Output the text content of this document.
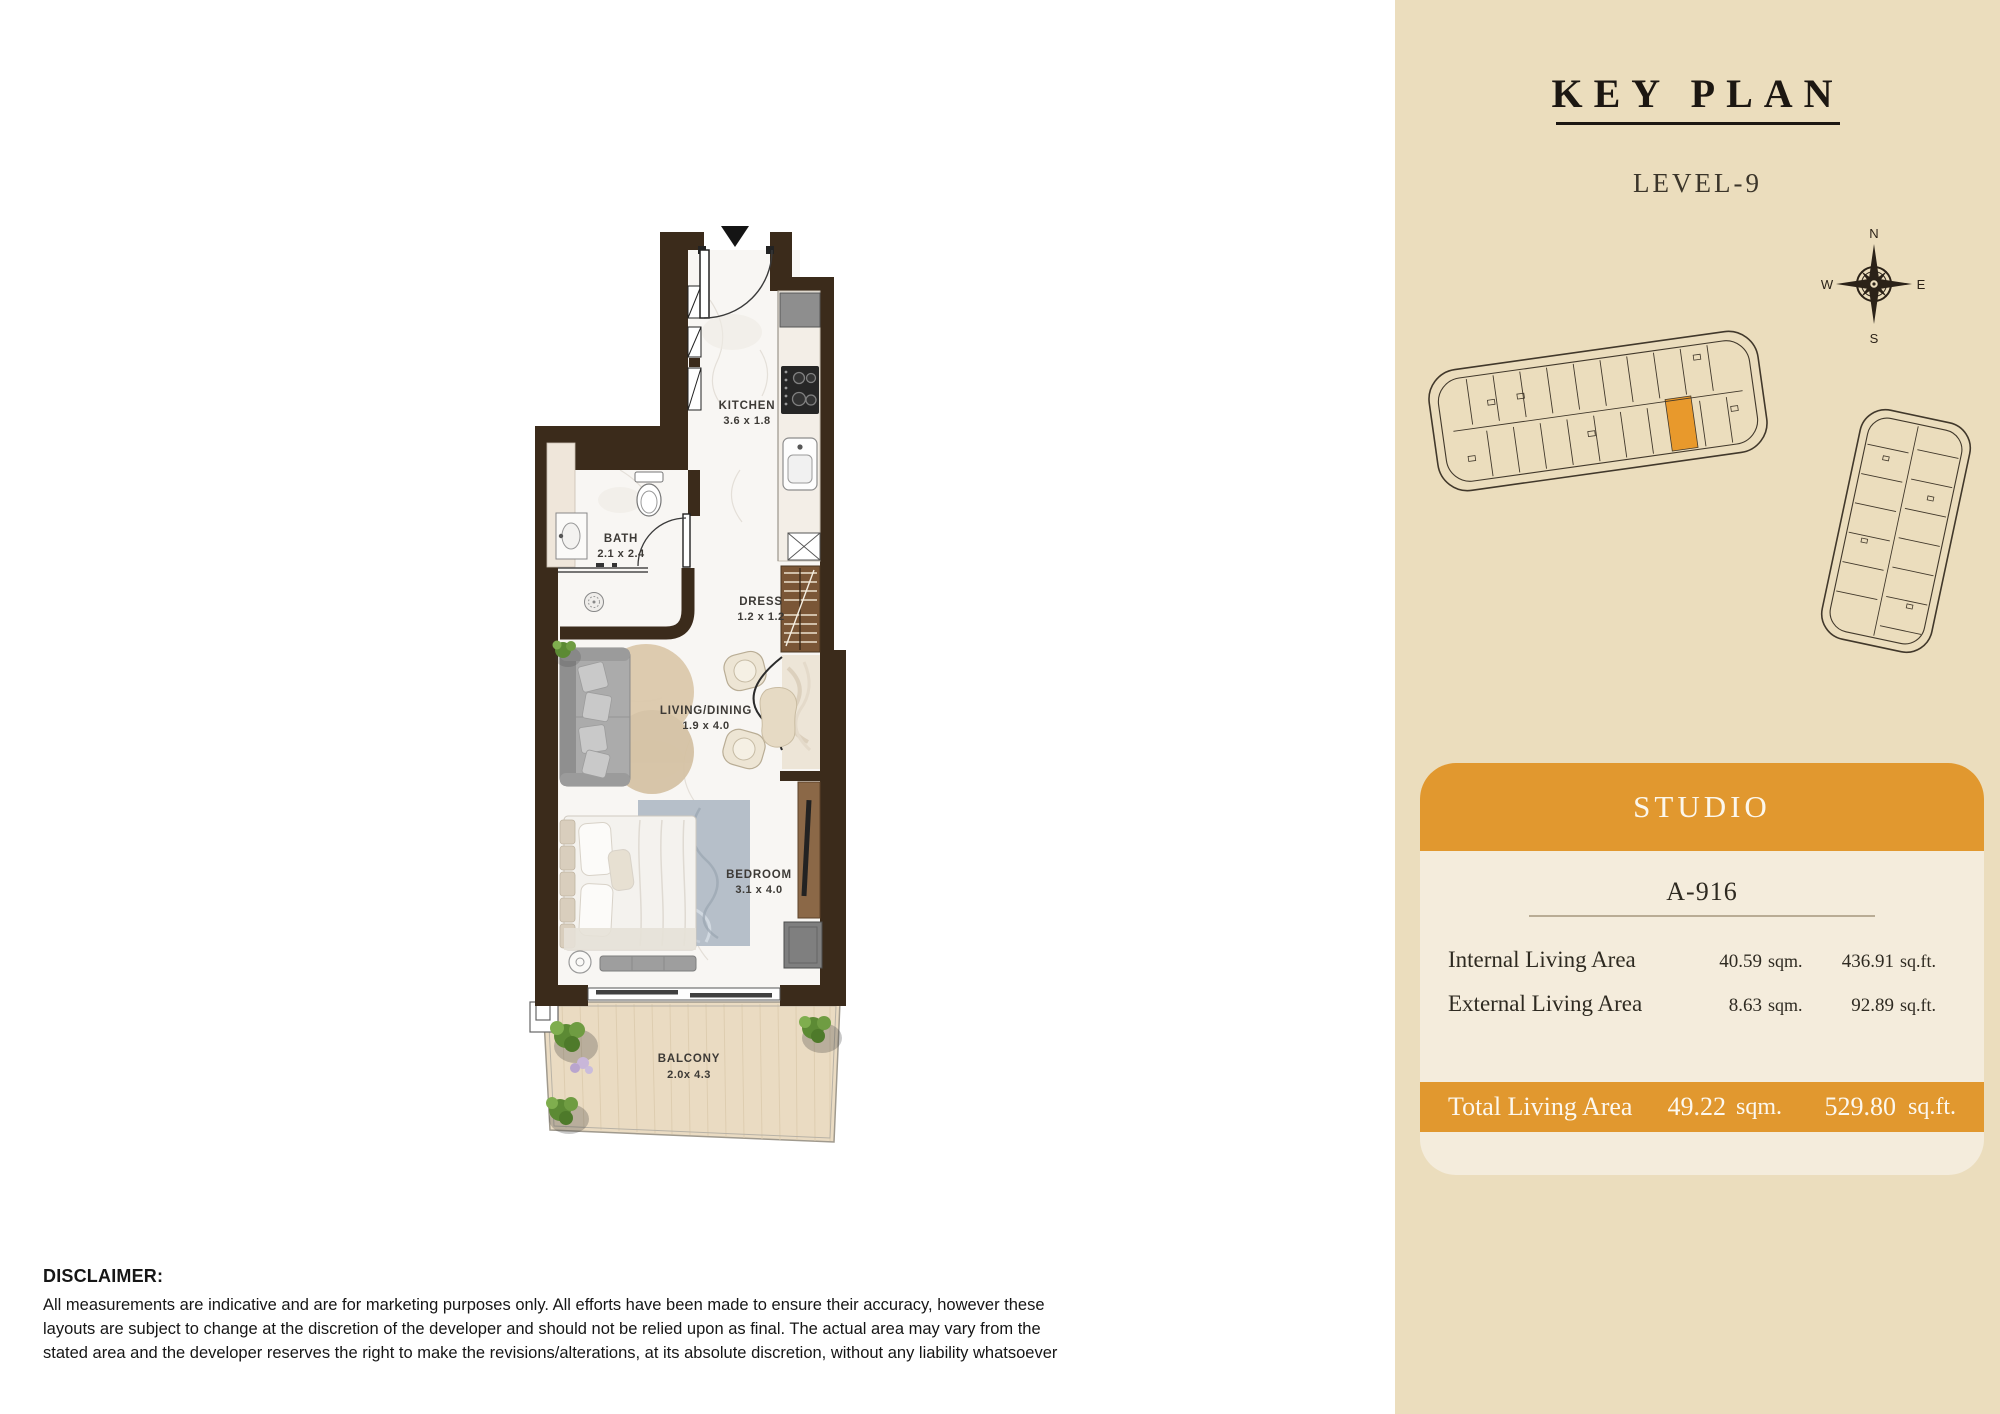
KITCHEN
3.6 x 1.8
BATH
2.1 x 2.4
DRESS
1.2 x 1.2
LIVING/DINING
1.9 x 4.0
BEDROOM
3.1 x 4.0
BALCONY
2.0x 4.3
KEY PLAN
LEVEL-9
N
S
W	E
STUDIO
A-916
Internal Living Area	40.59 sqm.	436.91 sq.ft.
External Living Area	8.63 sqm.	92.89 sq.ft.
Total Living Area	49.22 sqm.	529.80 sq.ft.

DISCLAIMER:

All measurements are indicative and are for marketing purposes only. All efforts have been made to ensure their accuracy, however these layouts are subject to change at the discretion of the developer and should not be relied upon as final. The actual area may vary from the stated area and the developer reserves the right to make the revisions/alterations, at its absolute discretion, without any liability whatsoever
